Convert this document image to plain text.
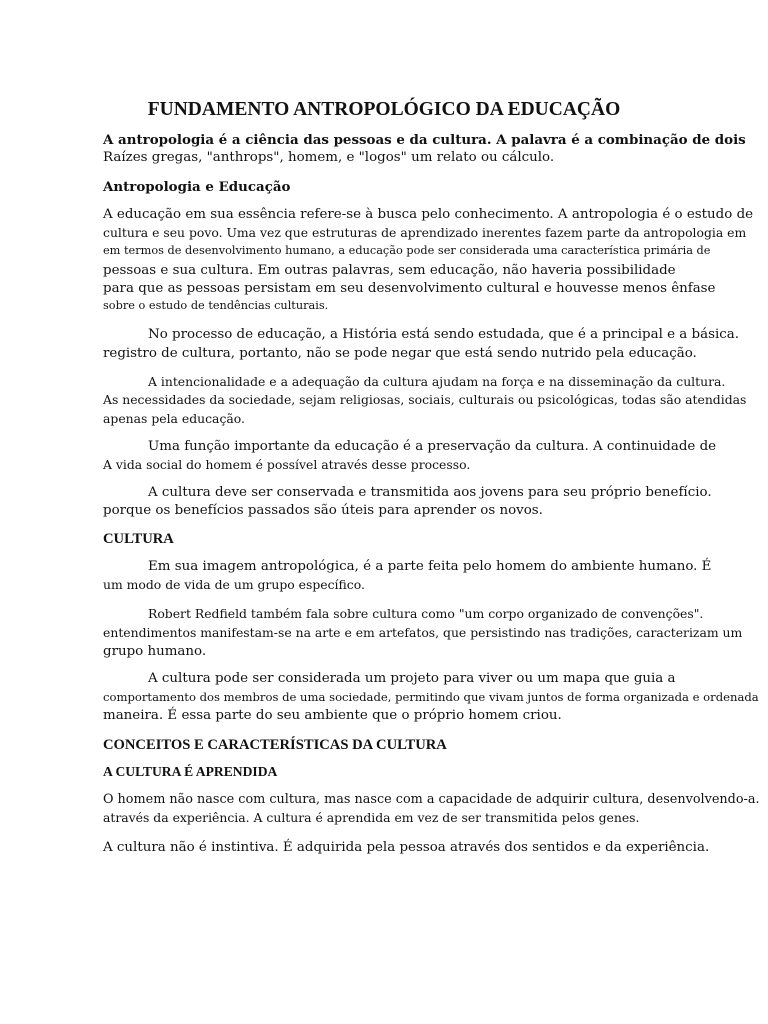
FUNDAMENTO ANTROPOLÓGICO DA EDUCAÇÃO
A antropologia é a ciência das pessoas e da cultura. A palavra é a combinação de dois
Raízes gregas, "anthrops", homem, e "logos" um relato ou cálculo.
Antropologia e Educação
A educação em sua essência refere-se à busca pelo conhecimento. A antropologia é o estudo de
cultura e seu povo. Uma vez que estruturas de aprendizado inerentes fazem parte da antropologia em
em termos de desenvolvimento humano, a educação pode ser considerada uma característica primária de
pessoas e sua cultura. Em outras palavras, sem educação, não haveria possibilidade
para que as pessoas persistam em seu desenvolvimento cultural e houvesse menos ênfase
sobre o estudo de tendências culturais.
No processo de educação, a História está sendo estudada, que é a principal e a básica.
registro de cultura, portanto, não se pode negar que está sendo nutrido pela educação.
A intencionalidade e a adequação da cultura ajudam na força e na disseminação da cultura.
As necessidades da sociedade, sejam religiosas, sociais, culturais ou psicológicas, todas são atendidas
apenas pela educação.
Uma função importante da educação é a preservação da cultura. A continuidade de
A vida social do homem é possível através desse processo.
A cultura deve ser conservada e transmitida aos jovens para seu próprio benefício.
porque os benefícios passados são úteis para aprender os novos.
CULTURA
Em sua imagem antropológica, é a parte feita pelo homem do ambiente humano. É
um modo de vida de um grupo específico.
Robert Redfield também fala sobre cultura como "um corpo organizado de convenções".
entendimentos manifestam-se na arte e em artefatos, que persistindo nas tradições, caracterizam um
grupo humano.
A cultura pode ser considerada um projeto para viver ou um mapa que guia a
comportamento dos membros de uma sociedade, permitindo que vivam juntos de forma organizada e ordenada
maneira. É essa parte do seu ambiente que o próprio homem criou.
CONCEITOS E CARACTERÍSTICAS DA CULTURA
A CULTURA É APRENDIDA
O homem não nasce com cultura, mas nasce com a capacidade de adquirir cultura, desenvolvendo-a.
através da experiência. A cultura é aprendida em vez de ser transmitida pelos genes.
A cultura não é instintiva. É adquirida pela pessoa através dos sentidos e da experiência.
